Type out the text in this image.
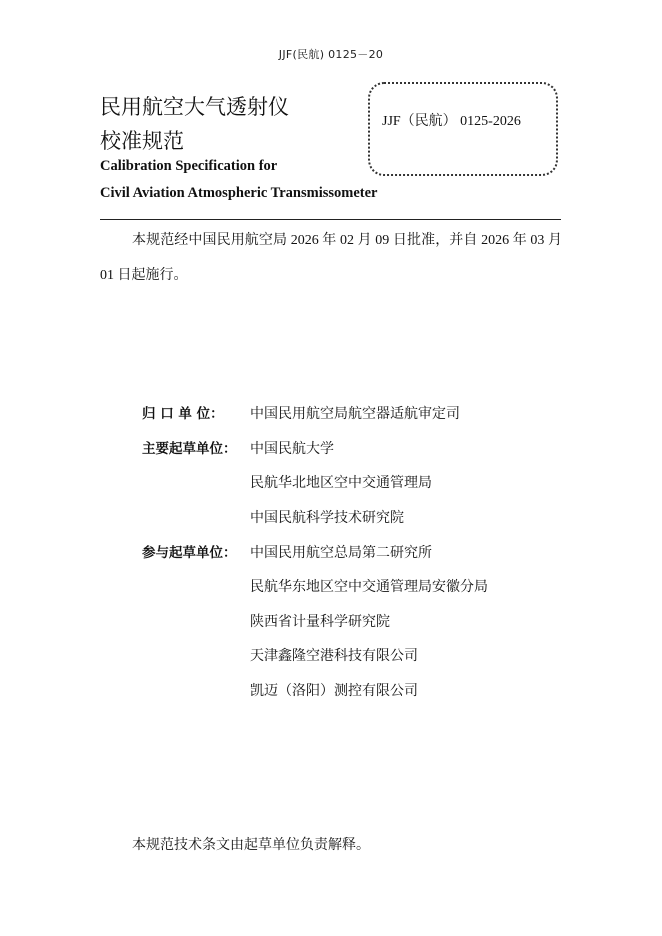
JJF(民航) 0125－20
民用航空大气透射仪
校准规范
Calibration Specification for
Civil Aviation Atmospheric Transmissometer
JJF（民航） 0125-2026
本规范经中国民用航空局 2026 年 02 月 09 日批准，并自 2026 年 03 月 01 日起施行。
归 口 单 位： 中国民用航空局航空器适航审定司
主要起草单位： 中国民航大学
民航华北地区空中交通管理局
中国民航科学技术研究院
参与起草单位： 中国民用航空总局第二研究所
民航华东地区空中交通管理局安徽分局
陕西省计量科学研究院
天津鑫隆空港科技有限公司
凯迈（洛阳）测控有限公司
本规范技术条文由起草单位负责解释。
